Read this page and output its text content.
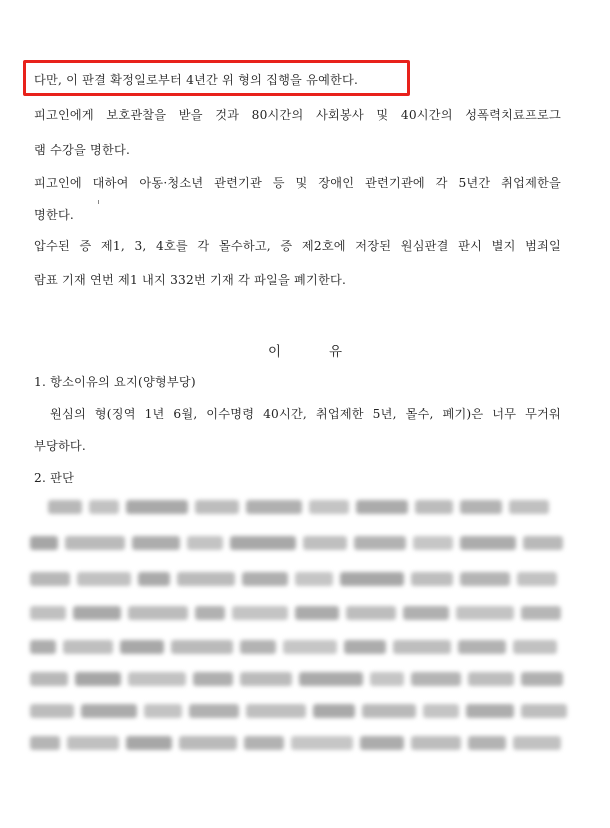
다만, 이 판결 확정일로부터 4년간 위 형의 집행을 유예한다.
피고인에게 보호관찰을 받을 것과 80시간의 사회봉사 및 40시간의 성폭력치료프로그
램 수강을 명한다.
피고인에 대하여 아동·청소년 관련기관 등 및 장애인 관련기관에 각 5년간 취업제한을
명한다.
압수된 증 제1, 3, 4호를 각 몰수하고, 증 제2호에 저장된 원심판결 판시 별지 범죄일
람표 기재 연번 제1 내지 332번 기재 각 파일을 폐기한다.
이	유
1. 항소이유의 요지(양형부당)
원심의 형(징역 1년 6월, 이수명령 40시간, 취업제한 5년, 몰수, 폐기)은 너무 무거워
부당하다.
2. 판단
